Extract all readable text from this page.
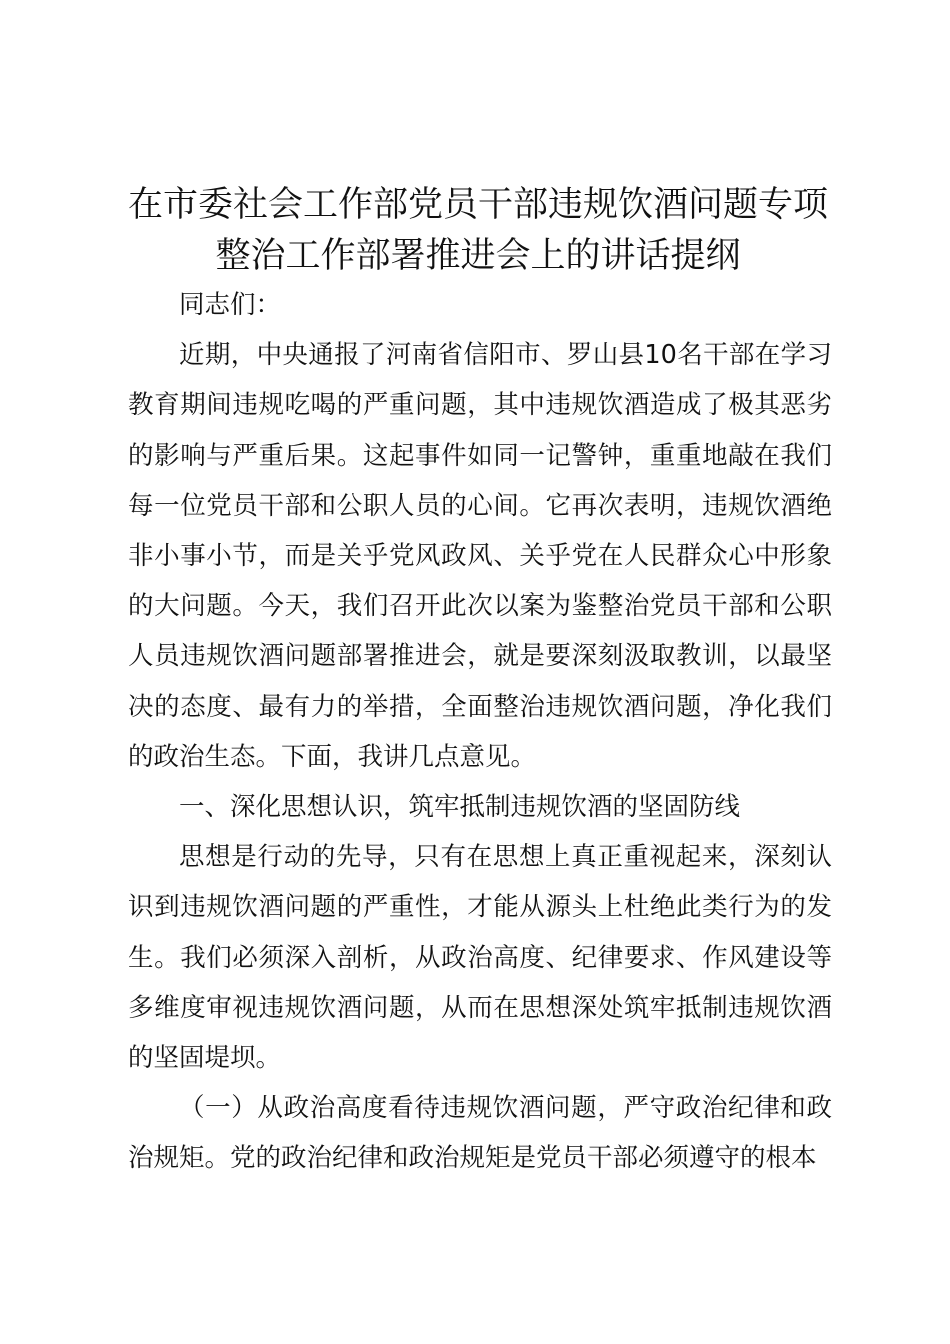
在市委社会工作部党员干部违规饮酒问题专项
整治工作部署推进会上的讲话提纲

同志们：

近期，中央通报了河南省信阳市、罗山县10名干部在学习教育期间违规吃喝的严重问题，其中违规饮酒造成了极其恶劣的影响与严重后果。这起事件如同一记警钟，重重地敲在我们每一位党员干部和公职人员的心间。它再次表明，违规饮酒绝非小事小节，而是关乎党风政风、关乎党在人民群众心中形象的大问题。今天，我们召开此次以案为鉴整治党员干部和公职人员违规饮酒问题部署推进会，就是要深刻汲取教训，以最坚决的态度、最有力的举措，全面整治违规饮酒问题，净化我们的政治生态。下面，我讲几点意见。

一、深化思想认识，筑牢抵制违规饮酒的坚固防线

思想是行动的先导，只有在思想上真正重视起来，深刻认识到违规饮酒问题的严重性，才能从源头上杜绝此类行为的发生。我们必须深入剖析，从政治高度、纪律要求、作风建设等多维度审视违规饮酒问题，从而在思想深处筑牢抵制违规饮酒的坚固堤坝。

（一）从政治高度看待违规饮酒问题，严守政治纪律和政治规矩。党的政治纪律和政治规矩是党员干部必须遵守的根本
